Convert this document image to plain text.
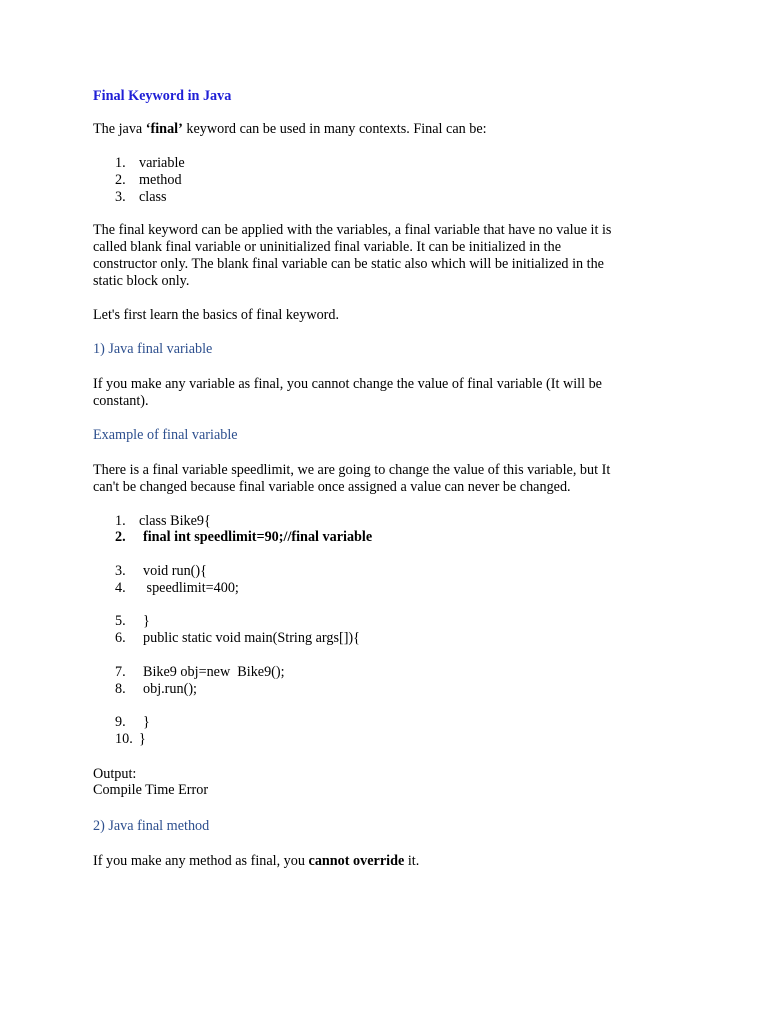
Final Keyword in Java
The java ‘final’ keyword can be used in many contexts. Final can be:
1. variable
2. method
3. class
The final keyword can be applied with the variables, a final variable that have no value it is
called blank final variable or uninitialized final variable. It can be initialized in the
constructor only. The blank final variable can be static also which will be initialized in the
static block only.
Let's first learn the basics of final keyword.
1) Java final variable
If you make any variable as final, you cannot change the value of final variable (It will be
constant).
Example of final variable
There is a final variable speedlimit, we are going to change the value of this variable, but It
can't be changed because final variable once assigned a value can never be changed.
1. class Bike9{
2. final int speedlimit=90;//final variable
3. void run(){
4. speedlimit=400;
5. }
6. public static void main(String args[]){
7. Bike9 obj=new  Bike9();
8. obj.run();
9. }
10. }
Output:
Compile Time Error
2) Java final method
If you make any method as final, you cannot override it.
